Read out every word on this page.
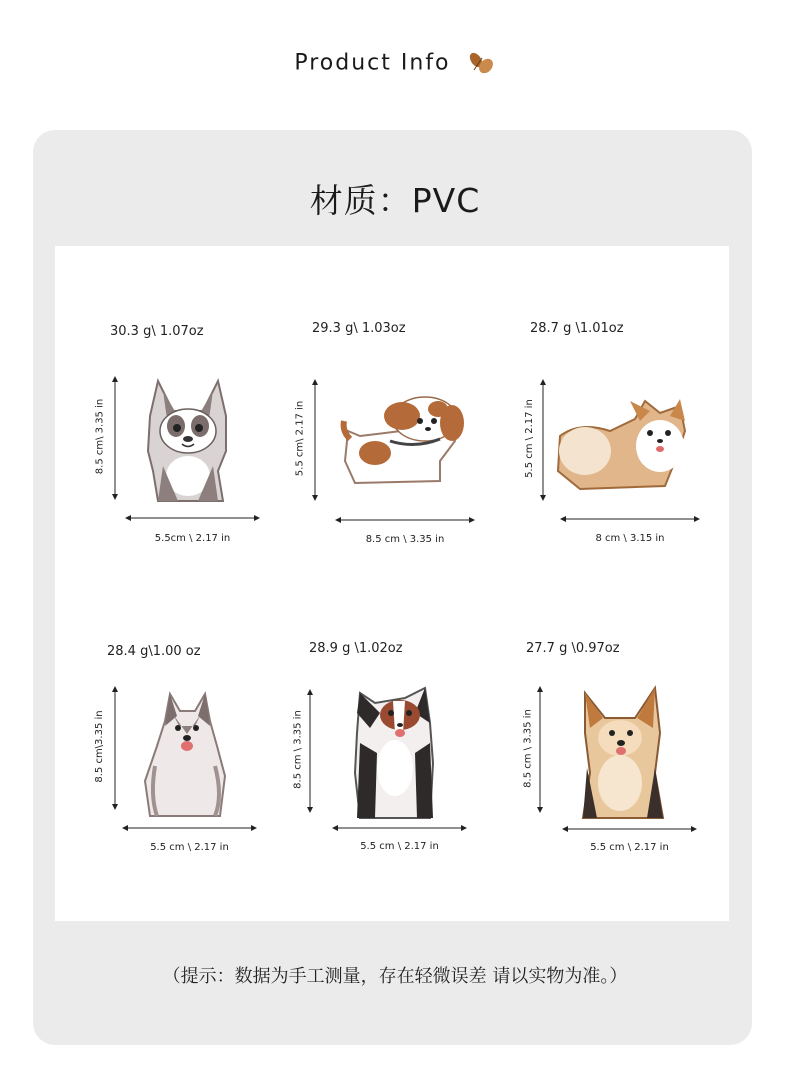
Product Info
材质：PVC
30.3 g\ 1.07oz
8.5 cm\ 3.35 in
5.5cm \ 2.17 in
29.3 g\ 1.03oz
5.5 cm\ 2.17 in
8.5 cm \ 3.35 in
28.7 g \1.01oz
5.5 cm \ 2.17 in
8 cm \ 3.15 in
28.4 g\1.00 oz
8.5 cm\3.35 in
5.5 cm \ 2.17 in
28.9 g \1.02oz
8.5 cm \ 3.35 in
5.5 cm \ 2.17 in
27.7 g \0.97oz
8.5 cm \ 3.35 in
5.5 cm \ 2.17 in
（提示：数据为手工测量，存在轻微误差 请以实物为准。）
